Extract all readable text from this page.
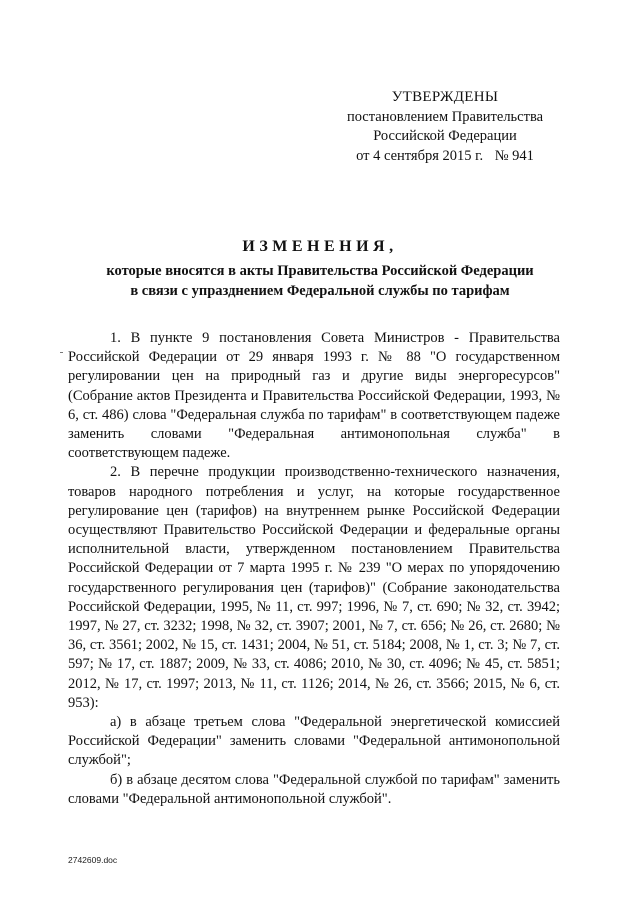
УТВЕРЖДЕНЫ
постановлением Правительства
Российской Федерации
от 4 сентября 2015 г. № 941
ИЗМЕНЕНИЯ,
которые вносятся в акты Правительства Российской Федерации
в связи с упразднением Федеральной службы по тарифам

1. В пункте 9 постановления Совета Министров - Правительства Российской Федерации от 29 января 1993 г. № 88 "О государственном регулировании цен на природный газ и другие виды энергоресурсов" (Собрание актов Президента и Правительства Российской Федерации, 1993, № 6, ст. 486) слова "Федеральная служба по тарифам" в соответствующем падеже заменить словами "Федеральная антимонопольная служба" в соответствующем падеже.

2. В перечне продукции производственно-технического назначения, товаров народного потребления и услуг, на которые государственное регулирование цен (тарифов) на внутреннем рынке Российской Федерации осуществляют Правительство Российской Федерации и федеральные органы исполнительной власти, утвержденном постановлением Правительства Российской Федерации от 7 марта 1995 г. № 239 "О мерах по упорядочению государственного регулирования цен (тарифов)" (Собрание законодательства Российской Федерации, 1995, № 11, ст. 997; 1996, № 7, ст. 690; № 32, ст. 3942; 1997, № 27, ст. 3232; 1998, № 32, ст. 3907; 2001, № 7, ст. 656; № 26, ст. 2680; № 36, ст. 3561; 2002, № 15, ст. 1431; 2004, № 51, ст. 5184; 2008, № 1, ст. 3; № 7, ст. 597; № 17, ст. 1887; 2009, № 33, ст. 4086; 2010, № 30, ст. 4096; № 45, ст. 5851; 2012, № 17, ст. 1997; 2013, № 11, ст. 1126; 2014, № 26, ст. 3566; 2015, № 6, ст. 953):

а) в абзаце третьем слова "Федеральной энергетической комиссией Российской Федерации" заменить словами "Федеральной антимонопольной службой";

б) в абзаце десятом слова "Федеральной службой по тарифам" заменить словами "Федеральной антимонопольной службой".

2742609.doc
